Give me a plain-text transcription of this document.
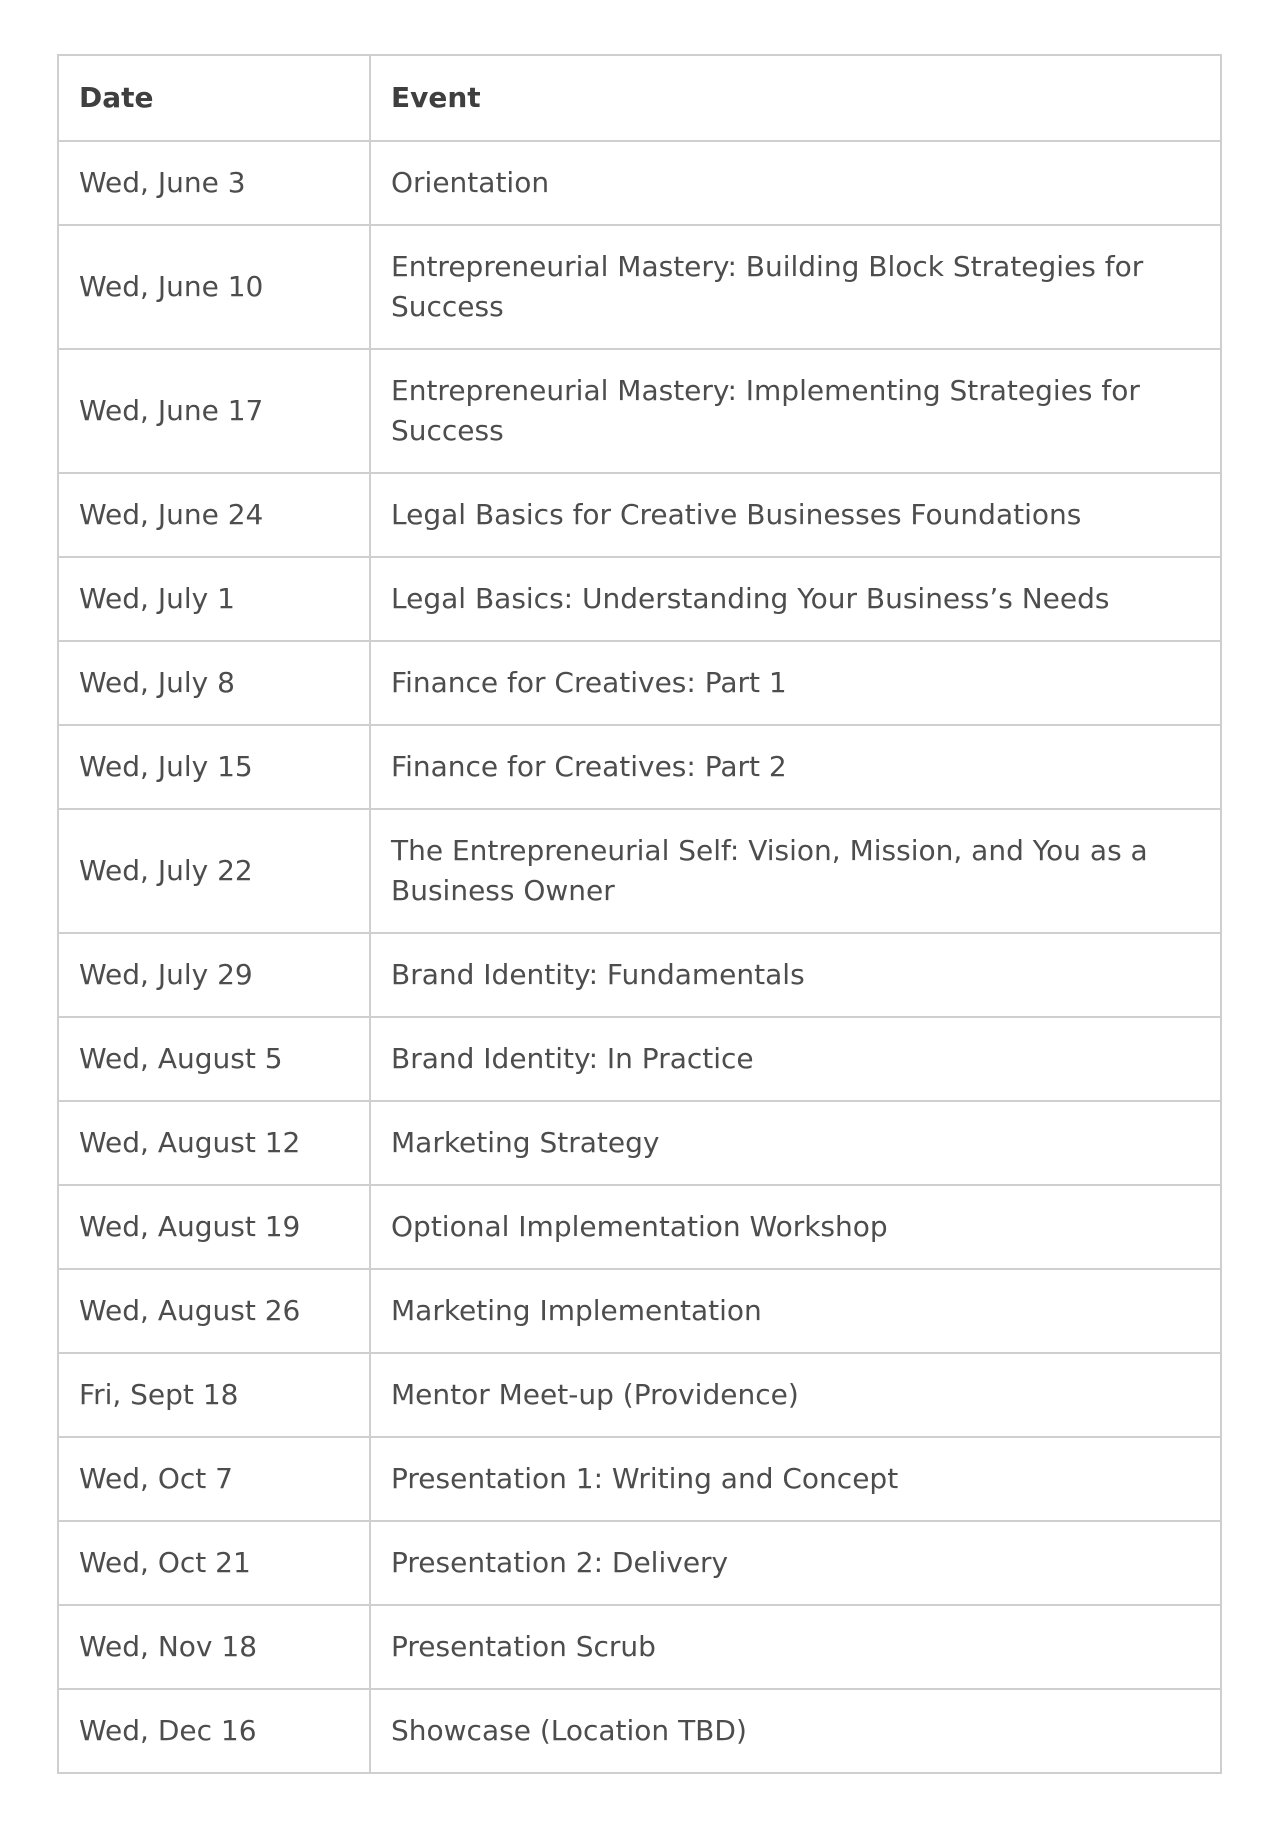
Date	Event
Wed, June 3	Orientation
Wed, June 10	Entrepreneurial Mastery: Building Block Strategies for Success
Wed, June 17	Entrepreneurial Mastery: Implementing Strategies for Success
Wed, June 24	Legal Basics for Creative Businesses Foundations
Wed, July 1	Legal Basics: Understanding Your Business’s Needs
Wed, July 8	Finance for Creatives: Part 1
Wed, July 15	Finance for Creatives: Part 2
Wed, July 22	The Entrepreneurial Self: Vision, Mission, and You as a Business Owner
Wed, July 29	Brand Identity: Fundamentals
Wed, August 5	Brand Identity: In Practice
Wed, August 12	Marketing Strategy
Wed, August 19	Optional Implementation Workshop
Wed, August 26	Marketing Implementation
Fri, Sept 18	Mentor Meet-up (Providence)
Wed, Oct 7	Presentation 1: Writing and Concept
Wed, Oct 21	Presentation 2: Delivery
Wed, Nov 18	Presentation Scrub
Wed, Dec 16	Showcase (Location TBD)
